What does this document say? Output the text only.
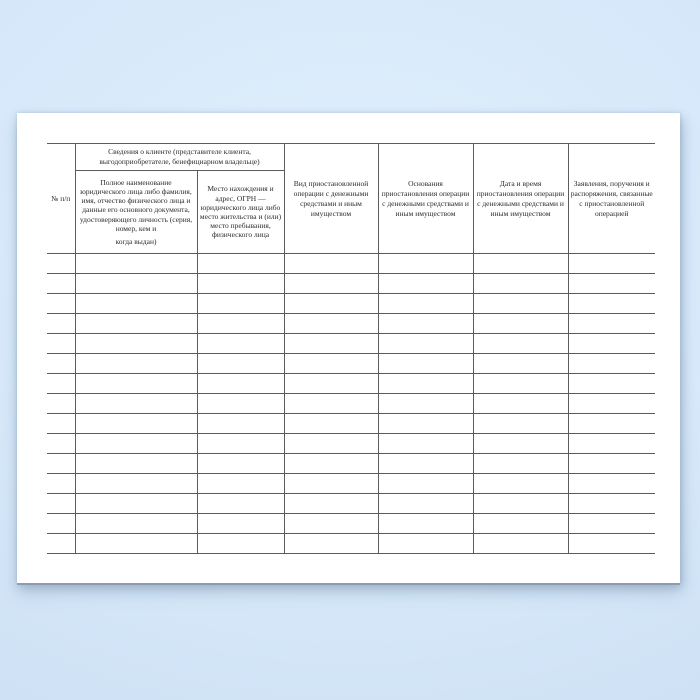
№ п/п	Сведения о клиенте (представителе клиента, выгодоприобретателе, бенефициарном владельце)		Вид приостановленной операции с денежными средствами и иным имуществом	Основания приостановления операции с денежными средствами и иным имуществом	Дата и время приостановления операции с денежными средствами и иным имуществом	Заявления, поручения и распоряжения, связанные с приостановленной операцией

	Полное наименование юридического лица либо фамилия, имя, отчество физического лица и данные его основного документа, удостоверяющего личность (серия, номер, кем и
когда выдан)	Место нахождения и адрес, ОГРН — юридического лица либо место жительства и (или) место пребывания, физического лица				
